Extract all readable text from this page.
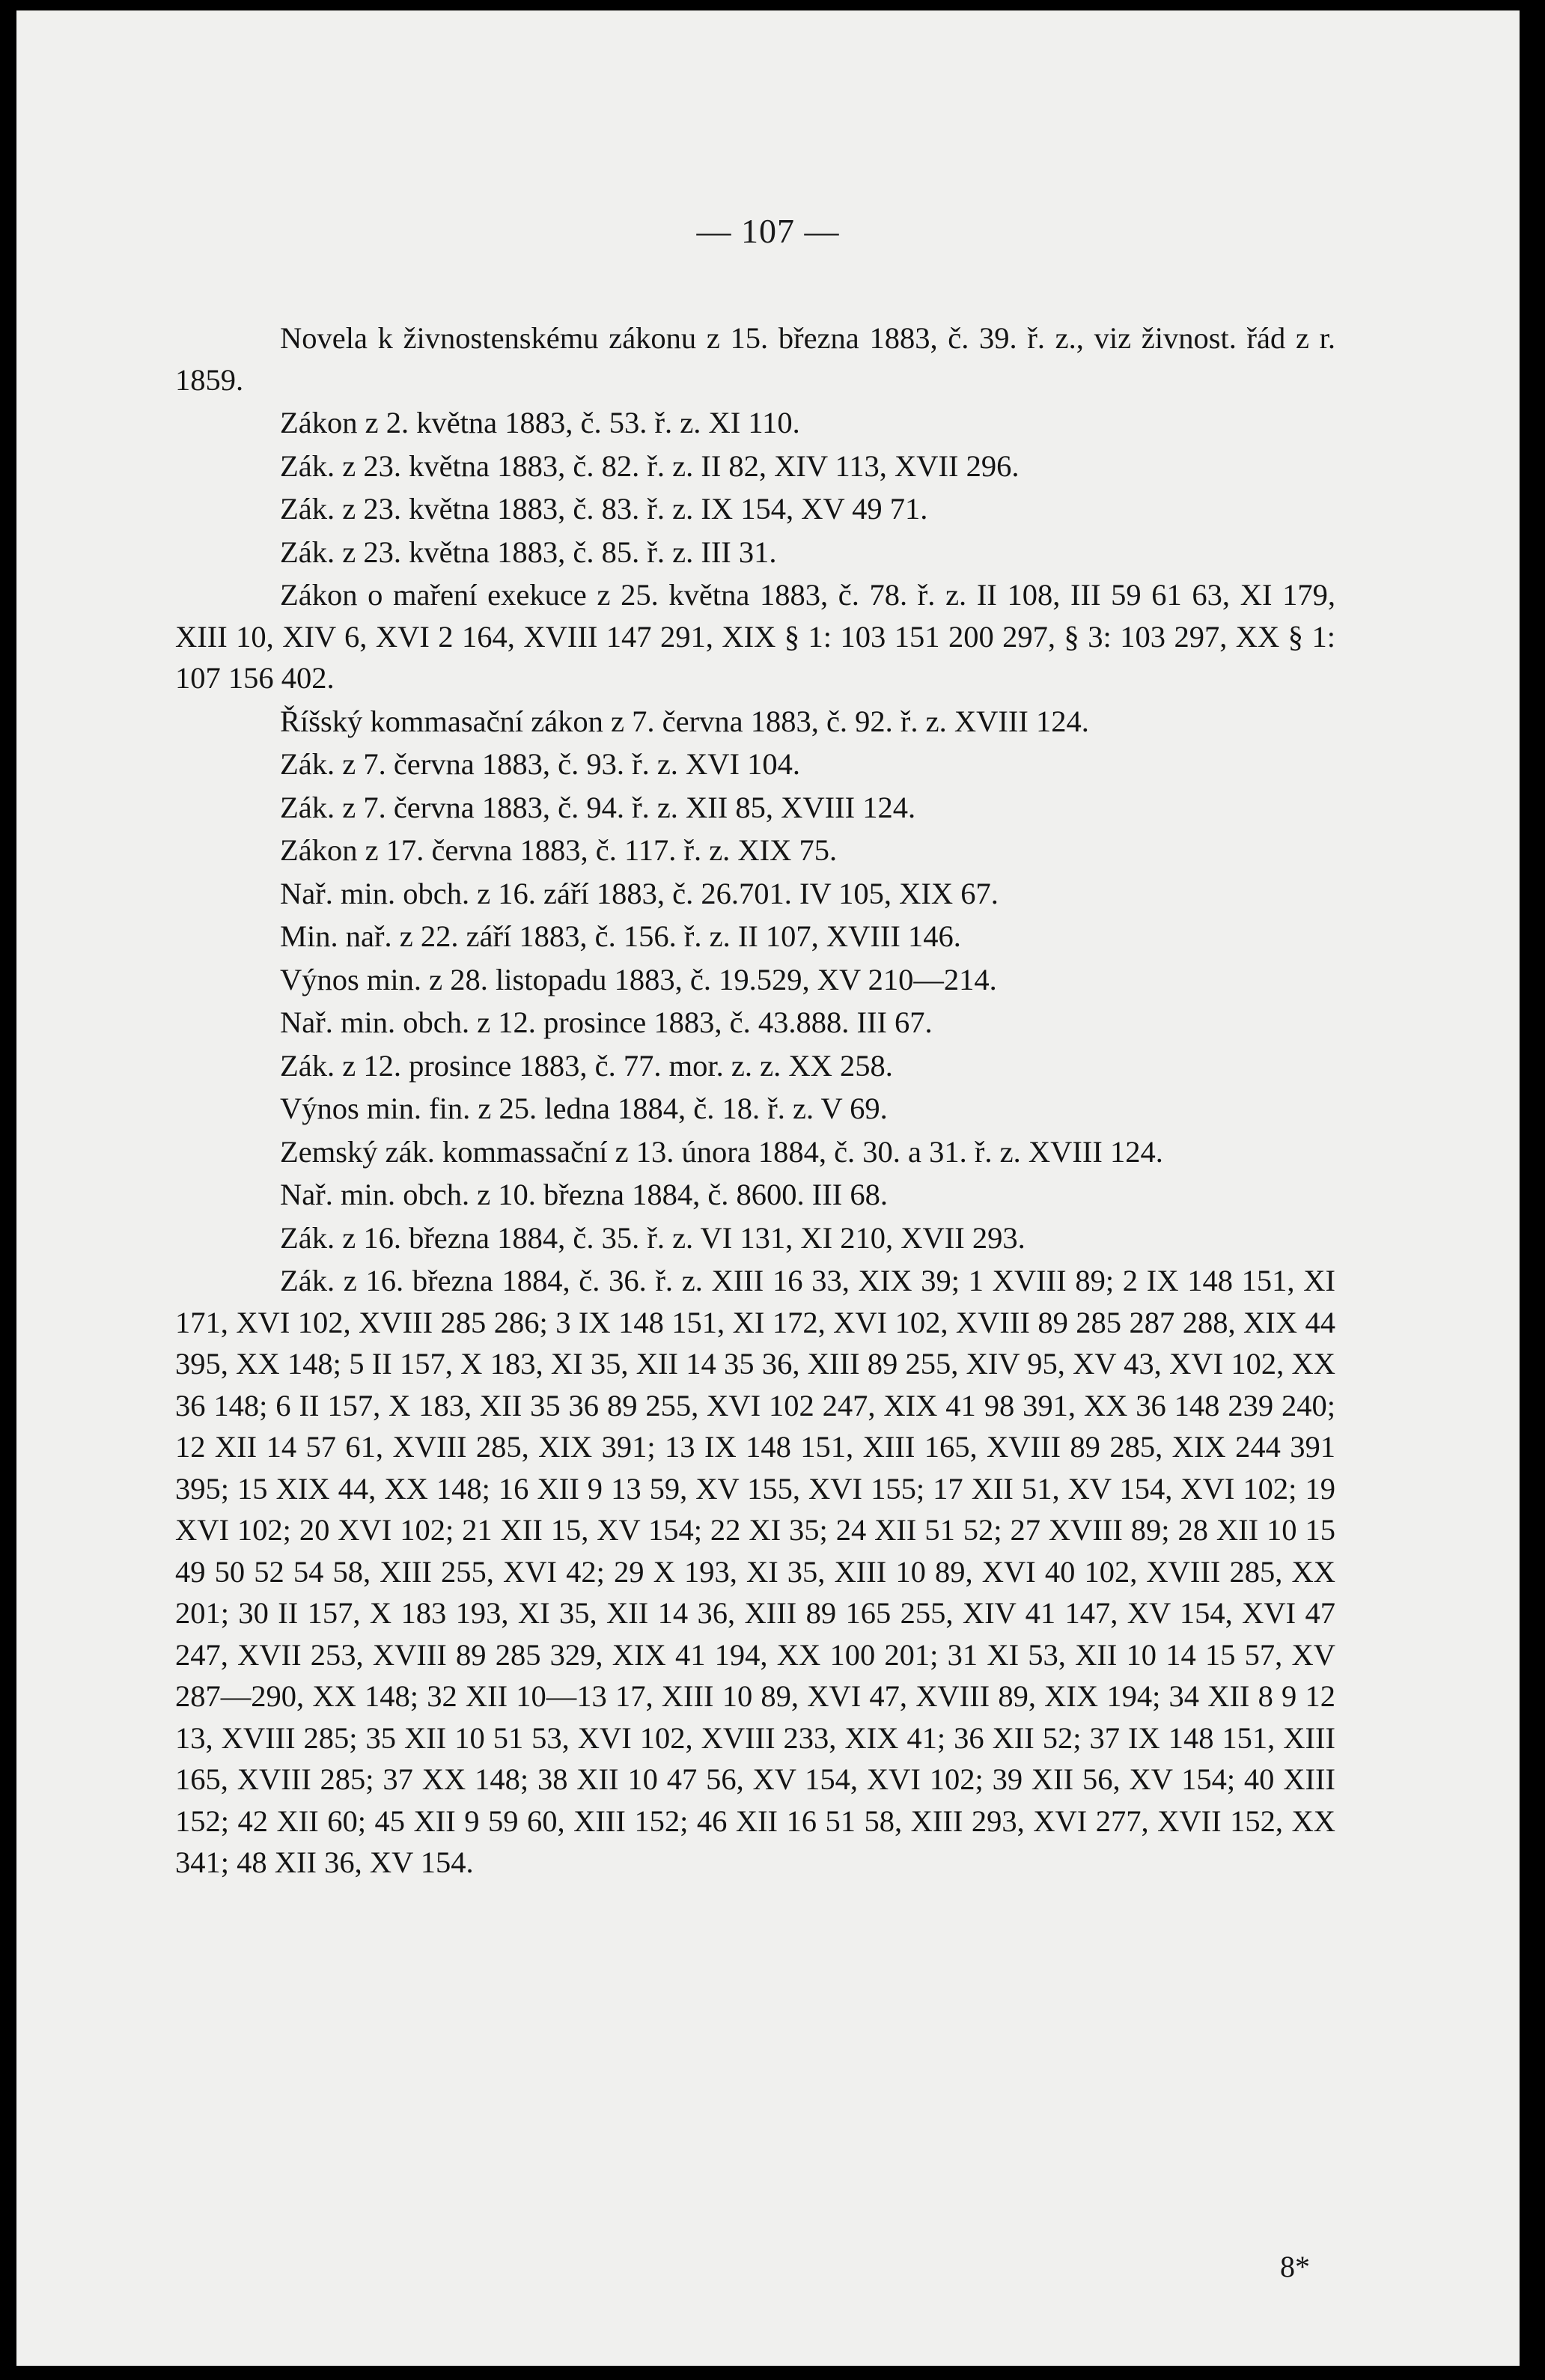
— 107 —

Novela k živnostenskému zákonu z 15. března 1883, č. 39. ř. z., viz živnost. řád z r. 1859.

Zákon z 2. května 1883, č. 53. ř. z. XI 110.

Zák. z 23. května 1883, č. 82. ř. z. II 82, XIV 113, XVII 296.

Zák. z 23. května 1883, č. 83. ř. z. IX 154, XV 49 71.

Zák. z 23. května 1883, č. 85. ř. z. III 31.

Zákon o maření exekuce z 25. května 1883, č. 78. ř. z. II 108, III 59 61 63, XI 179, XIII 10, XIV 6, XVI 2 164, XVIII 147 291, XIX § 1: 103 151 200 297, § 3: 103 297, XX § 1: 107 156 402.

Říšský kommasační zákon z 7. června 1883, č. 92. ř. z. XVIII 124.

Zák. z 7. června 1883, č. 93. ř. z. XVI 104.

Zák. z 7. června 1883, č. 94. ř. z. XII 85, XVIII 124.

Zákon z 17. června 1883, č. 117. ř. z. XIX 75.

Nař. min. obch. z 16. září 1883, č. 26.701. IV 105, XIX 67.

Min. nař. z 22. září 1883, č. 156. ř. z. II 107, XVIII 146.

Výnos min. z 28. listopadu 1883, č. 19.529, XV 210—214.

Nař. min. obch. z 12. prosince 1883, č. 43.888. III 67.

Zák. z 12. prosince 1883, č. 77. mor. z. z. XX 258.

Výnos min. fin. z 25. ledna 1884, č. 18. ř. z. V 69.

Zemský zák. kommassační z 13. února 1884, č. 30. a 31. ř. z. XVIII 124.

Nař. min. obch. z 10. března 1884, č. 8600. III 68.

Zák. z 16. března 1884, č. 35. ř. z. VI 131, XI 210, XVII 293.

Zák. z 16. března 1884, č. 36. ř. z. XIII 16 33, XIX 39; 1 XVIII 89; 2 IX 148 151, XI 171, XVI 102, XVIII 285 286; 3 IX 148 151, XI 172, XVI 102, XVIII 89 285 287 288, XIX 44 395, XX 148; 5 II 157, X 183, XI 35, XII 14 35 36, XIII 89 255, XIV 95, XV 43, XVI 102, XX 36 148; 6 II 157, X 183, XII 35 36 89 255, XVI 102 247, XIX 41 98 391, XX 36 148 239 240; 12 XII 14 57 61, XVIII 285, XIX 391; 13 IX 148 151, XIII 165, XVIII 89 285, XIX 244 391 395; 15 XIX 44, XX 148; 16 XII 9 13 59, XV 155, XVI 155; 17 XII 51, XV 154, XVI 102; 19 XVI 102; 20 XVI 102; 21 XII 15, XV 154; 22 XI 35; 24 XII 51 52; 27 XVIII 89; 28 XII 10 15 49 50 52 54 58, XIII 255, XVI 42; 29 X 193, XI 35, XIII 10 89, XVI 40 102, XVIII 285, XX 201; 30 II 157, X 183 193, XI 35, XII 14 36, XIII 89 165 255, XIV 41 147, XV 154, XVI 47 247, XVII 253, XVIII 89 285 329, XIX 41 194, XX 100 201; 31 XI 53, XII 10 14 15 57, XV 287—290, XX 148; 32 XII 10—13 17, XIII 10 89, XVI 47, XVIII 89, XIX 194; 34 XII 8 9 12 13, XVIII 285; 35 XII 10 51 53, XVI 102, XVIII 233, XIX 41; 36 XII 52; 37 IX 148 151, XIII 165, XVIII 285; 37 XX 148; 38 XII 10 47 56, XV 154, XVI 102; 39 XII 56, XV 154; 40 XIII 152; 42 XII 60; 45 XII 9 59 60, XIII 152; 46 XII 16 51 58, XIII 293, XVI 277, XVII 152, XX 341; 48 XII 36, XV 154.

8*
